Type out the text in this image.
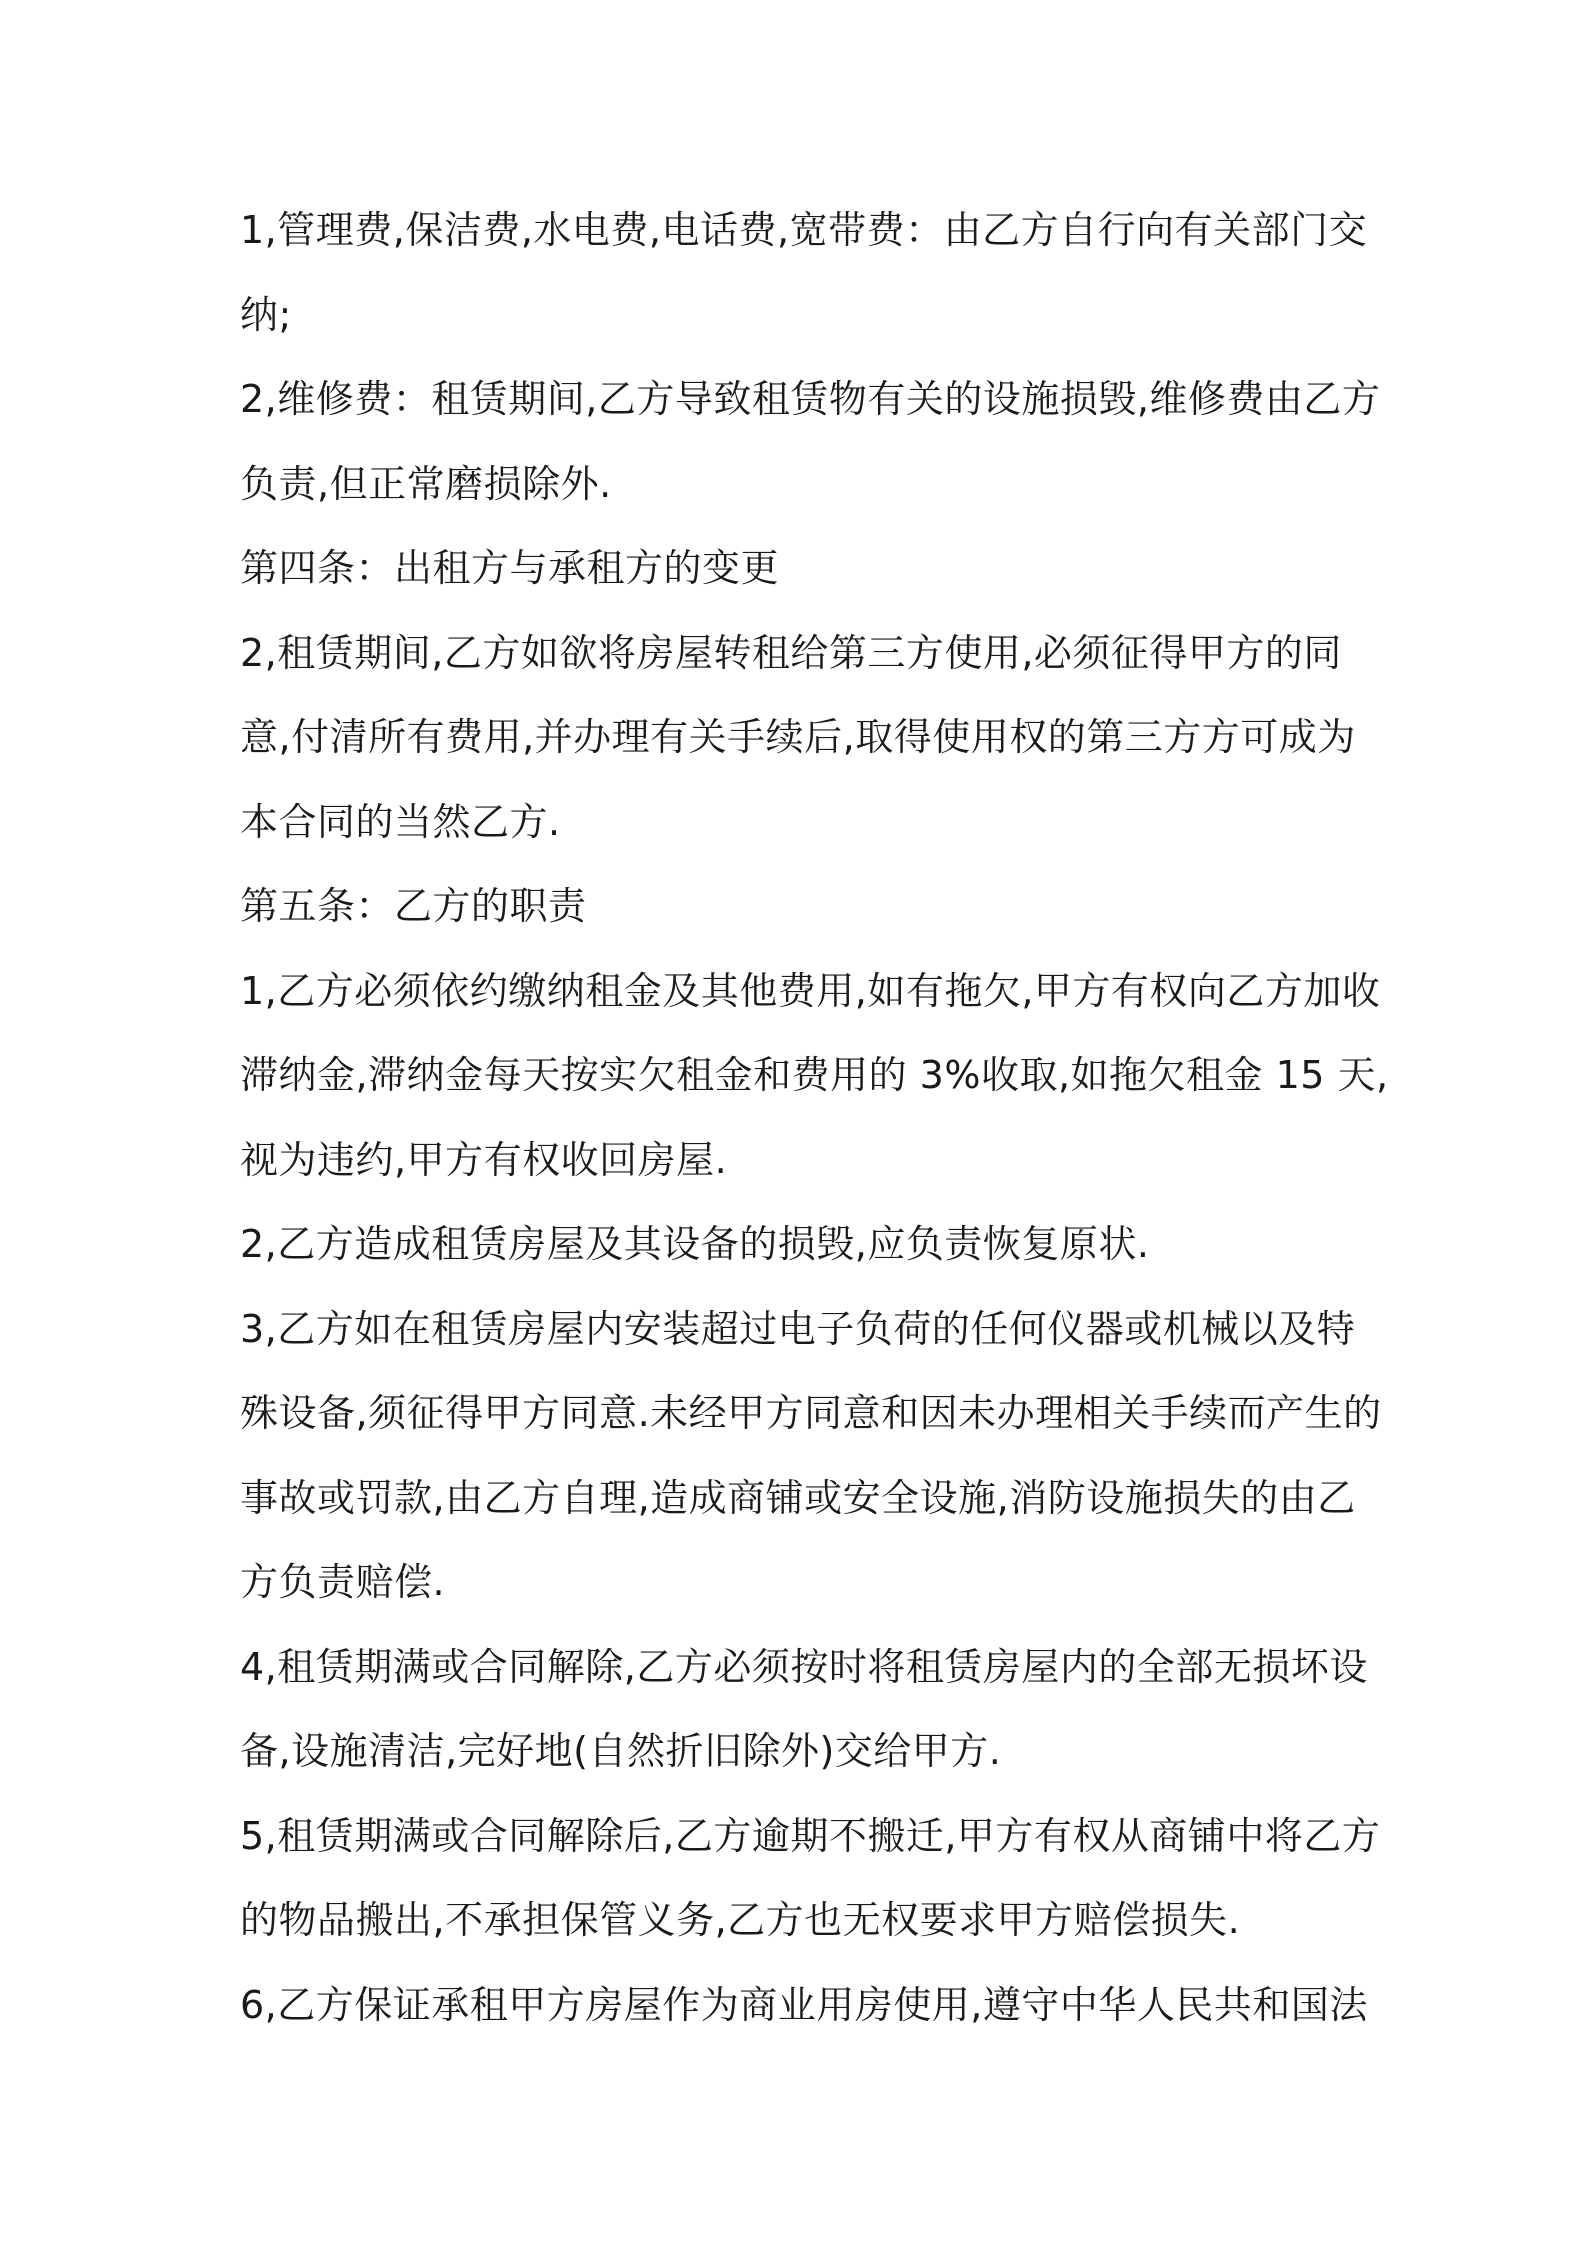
1,管理费,保洁费,水电费,电话费,宽带费：由乙方自行向有关部门交
纳;
2,维修费：租赁期间,乙方导致租赁物有关的设施损毁,维修费由乙方
负责,但正常磨损除外.
第四条：出租方与承租方的变更
2,租赁期间,乙方如欲将房屋转租给第三方使用,必须征得甲方的同
意,付清所有费用,并办理有关手续后,取得使用权的第三方方可成为
本合同的当然乙方.
第五条：乙方的职责
1,乙方必须依约缴纳租金及其他费用,如有拖欠,甲方有权向乙方加收
滞纳金,滞纳金每天按实欠租金和费用的 3%收取,如拖欠租金 15 天,
视为违约,甲方有权收回房屋.
2,乙方造成租赁房屋及其设备的损毁,应负责恢复原状.
3,乙方如在租赁房屋内安装超过电子负荷的任何仪器或机械以及特
殊设备,须征得甲方同意.未经甲方同意和因未办理相关手续而产生的
事故或罚款,由乙方自理,造成商铺或安全设施,消防设施损失的由乙
方负责赔偿.
4,租赁期满或合同解除,乙方必须按时将租赁房屋内的全部无损坏设
备,设施清洁,完好地(自然折旧除外)交给甲方.
5,租赁期满或合同解除后,乙方逾期不搬迁,甲方有权从商铺中将乙方
的物品搬出,不承担保管义务,乙方也无权要求甲方赔偿损失.
6,乙方保证承租甲方房屋作为商业用房使用,遵守中华人民共和国法
